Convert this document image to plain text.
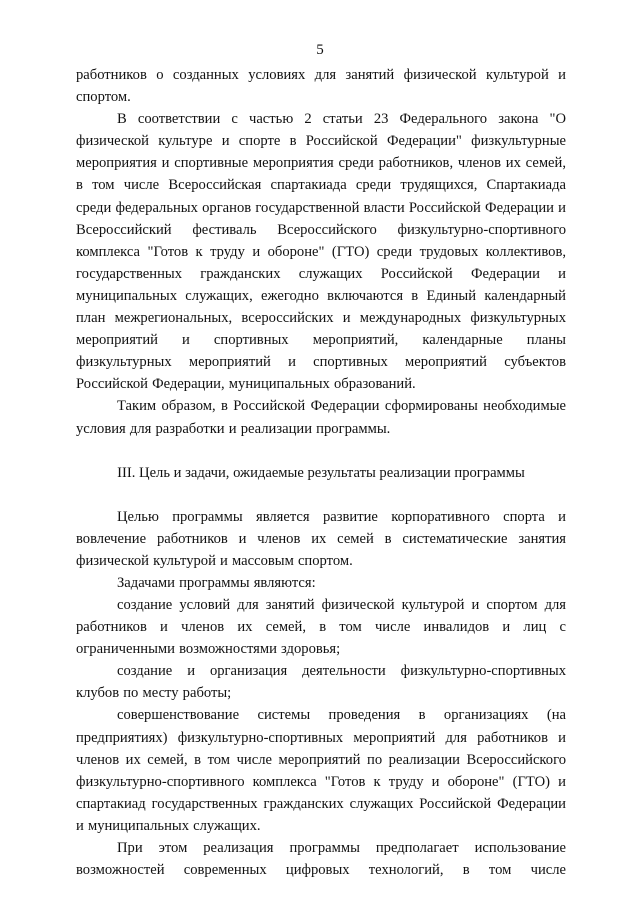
5

работников о созданных условиях для занятий физической культурой и спортом.

В соответствии с частью 2 статьи 23 Федерального закона "О физической культуре и спорте в Российской Федерации" физкультурные мероприятия и спортивные мероприятия среди работников, членов их семей, в том числе Всероссийская спартакиада среди трудящихся, Спартакиада среди федеральных органов государственной власти Российской Федерации и Всероссийский фестиваль Всероссийского физкультурно-спортивного комплекса "Готов к труду и обороне" (ГТО) среди трудовых коллективов, государственных гражданских служащих Российской Федерации и муниципальных служащих, ежегодно включаются в Единый календарный план межрегиональных, всероссийских и международных физкультурных мероприятий и спортивных мероприятий, календарные планы физкультурных мероприятий и спортивных мероприятий субъектов Российской Федерации, муниципальных образований.

Таким образом, в Российской Федерации сформированы необходимые условия для разработки и реализации программы.

III. Цель и задачи, ожидаемые результаты реализации программы

Целью программы является развитие корпоративного спорта и вовлечение работников и членов их семей в систематические занятия физической культурой и массовым спортом.

Задачами программы являются:

создание условий для занятий физической культурой и спортом для работников и членов их семей, в том числе инвалидов и лиц с ограниченными возможностями здоровья;

создание и организация деятельности физкультурно-спортивных клубов по месту работы;

совершенствование системы проведения в организациях (на предприятиях) физкультурно-спортивных мероприятий для работников и членов их семей, в том числе мероприятий по реализации Всероссийского физкультурно-спортивного комплекса "Готов к труду и обороне" (ГТО) и спартакиад государственных гражданских служащих Российской Федерации и муниципальных служащих.

При этом реализация программы предполагает использование возможностей современных цифровых технологий, в том числе
